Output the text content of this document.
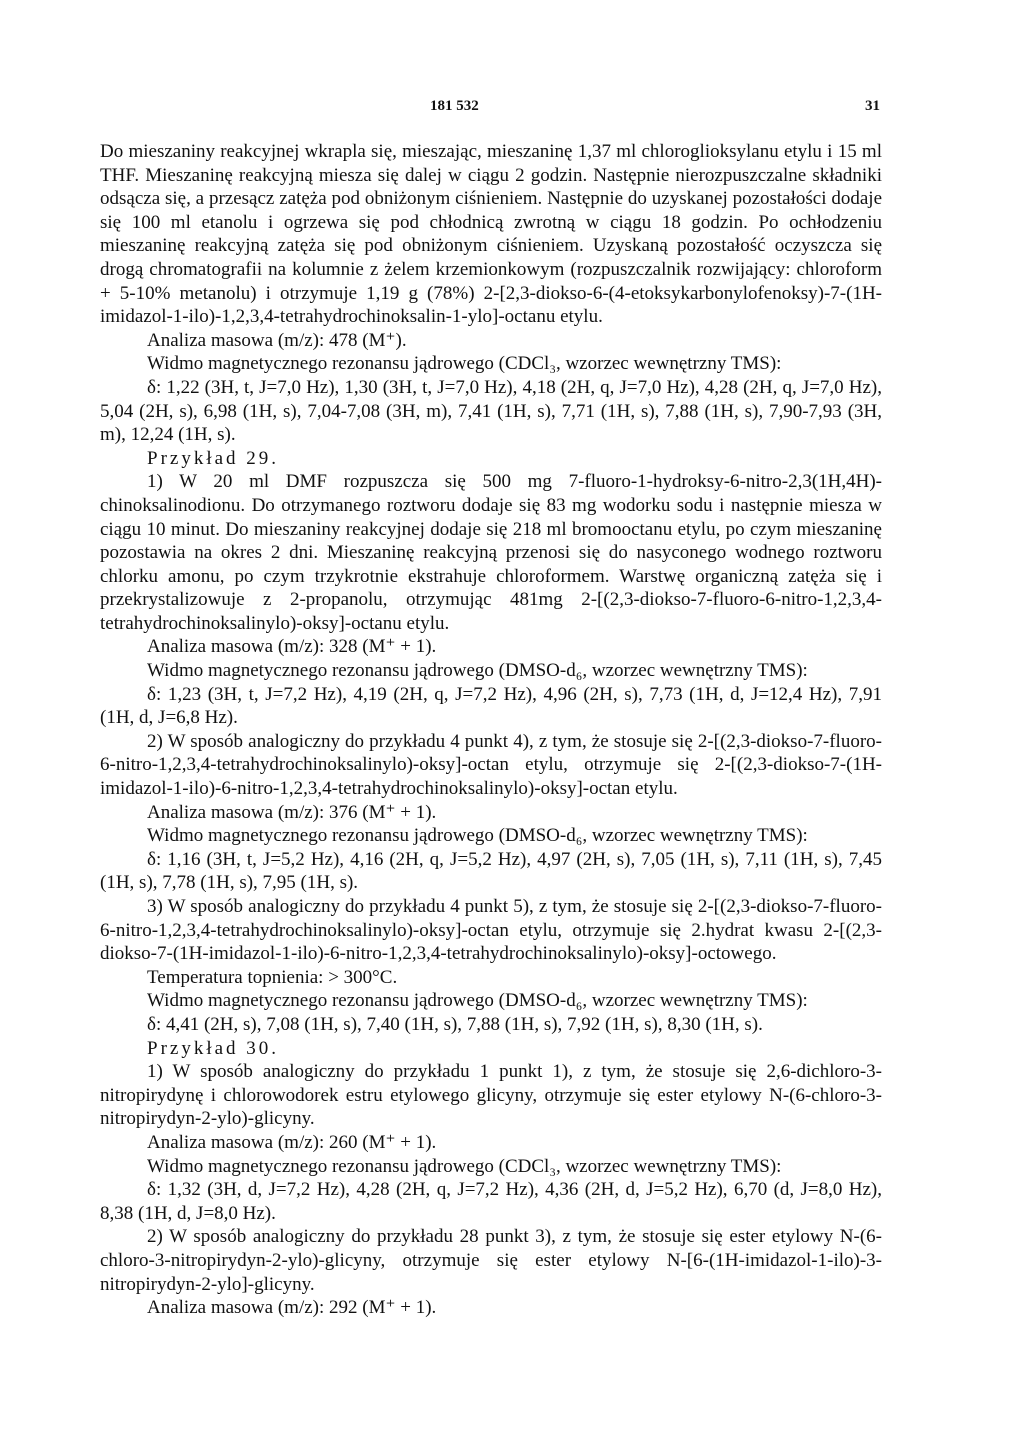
181 532	31

Do mieszaniny reakcyjnej wkrapla się, mieszając, mieszaninę 1,37 ml chloroglioksylanu etylu i 15 ml THF. Mieszaninę reakcyjną miesza się dalej w ciągu 2 godzin. Następnie nierozpuszczalne składniki odsącza się, a przesącz zatęża pod obniżonym ciśnieniem. Następnie do uzyskanej pozostałości dodaje się 100 ml etanolu i ogrzewa się pod chłodnicą zwrotną w ciągu 18 godzin. Po ochłodzeniu mieszaninę reakcyjną zatęża się pod obniżonym ciśnieniem. Uzyskaną pozostałość oczyszcza się drogą chromatografii na kolumnie z żelem krzemionkowym (rozpuszczalnik rozwijający: chloroform + 5-10% metanolu) i otrzymuje 1,19 g (78%) 2-[2,3-diokso-6-(4-etoksykarbonylofenoksy)-7-(1H-imidazol-1-ilo)-1,2,3,4-tetrahydrochinoksalin-1-ylo]-octanu etylu.

Analiza masowa (m/z): 478 (M⁺).

Widmo magnetycznego rezonansu jądrowego (CDCl₃, wzorzec wewnętrzny TMS):

δ: 1,22 (3H, t, J=7,0 Hz), 1,30 (3H, t, J=7,0 Hz), 4,18 (2H, q, J=7,0 Hz), 4,28 (2H, q, J=7,0 Hz), 5,04 (2H, s), 6,98 (1H, s), 7,04-7,08 (3H, m), 7,41 (1H, s), 7,71 (1H, s), 7,88 (1H, s), 7,90-7,93 (3H, m), 12,24 (1H, s).

Przykład 29.

1) W 20 ml DMF rozpuszcza się 500 mg 7-fluoro-1-hydroksy-6-nitro-2,3(1H,4H)-chinoksalinodionu. Do otrzymanego roztworu dodaje się 83 mg wodorku sodu i następnie miesza w ciągu 10 minut. Do mieszaniny reakcyjnej dodaje się 218 ml bromooctanu etylu, po czym mieszaninę pozostawia na okres 2 dni. Mieszaninę reakcyjną przenosi się do nasyconego wodnego roztworu chlorku amonu, po czym trzykrotnie ekstrahuje chloroformem. Warstwę organiczną zatęża się i przekrystalizowuje z 2-propanolu, otrzymując 481mg 2-[(2,3-diokso-7-fluoro-6-nitro-1,2,3,4-tetrahydrochinoksalinylo)-oksy]-octanu etylu.

Analiza masowa (m/z): 328 (M⁺ + 1).

Widmo magnetycznego rezonansu jądrowego (DMSO-d₆, wzorzec wewnętrzny TMS):

δ: 1,23 (3H, t, J=7,2 Hz), 4,19 (2H, q, J=7,2 Hz), 4,96 (2H, s), 7,73 (1H, d, J=12,4 Hz), 7,91 (1H, d, J=6,8 Hz).

2) W sposób analogiczny do przykładu 4 punkt 4), z tym, że stosuje się 2-[(2,3-diokso-7-fluoro-6-nitro-1,2,3,4-tetrahydrochinoksalinylo)-oksy]-octan etylu, otrzymuje się 2-[(2,3-diokso-7-(1H-imidazol-1-ilo)-6-nitro-1,2,3,4-tetrahydrochinoksalinylo)-oksy]-octan etylu.

Analiza masowa (m/z): 376 (M⁺ + 1).

Widmo magnetycznego rezonansu jądrowego (DMSO-d₆, wzorzec wewnętrzny TMS):

δ: 1,16 (3H, t, J=5,2 Hz), 4,16 (2H, q, J=5,2 Hz), 4,97 (2H, s), 7,05 (1H, s), 7,11 (1H, s), 7,45 (1H, s), 7,78 (1H, s), 7,95 (1H, s).

3) W sposób analogiczny do przykładu 4 punkt 5), z tym, że stosuje się 2-[(2,3-diokso-7-fluoro-6-nitro-1,2,3,4-tetrahydrochinoksalinylo)-oksy]-octan etylu, otrzymuje się 2.hydrat kwasu 2-[(2,3-diokso-7-(1H-imidazol-1-ilo)-6-nitro-1,2,3,4-tetrahydrochinoksalinylo)-oksy]-octowego.

Temperatura topnienia: > 300°C.

Widmo magnetycznego rezonansu jądrowego (DMSO-d₆, wzorzec wewnętrzny TMS):

δ: 4,41 (2H, s), 7,08 (1H, s), 7,40 (1H, s), 7,88 (1H, s), 7,92 (1H, s), 8,30 (1H, s).

Przykład 30.

1) W sposób analogiczny do przykładu 1 punkt 1), z tym, że stosuje się 2,6-dichloro-3-nitropirydynę i chlorowodorek estru etylowego glicyny, otrzymuje się ester etylowy N-(6-chloro-3-nitropirydyn-2-ylo)-glicyny.

Analiza masowa (m/z): 260 (M⁺ + 1).

Widmo magnetycznego rezonansu jądrowego (CDCl₃, wzorzec wewnętrzny TMS):

δ: 1,32 (3H, d, J=7,2 Hz), 4,28 (2H, q, J=7,2 Hz), 4,36 (2H, d, J=5,2 Hz), 6,70 (d, J=8,0 Hz), 8,38 (1H, d, J=8,0 Hz).

2) W sposób analogiczny do przykładu 28 punkt 3), z tym, że stosuje się ester etylowy N-(6-chloro-3-nitropirydyn-2-ylo)-glicyny, otrzymuje się ester etylowy N-[6-(1H-imidazol-1-ilo)-3-nitropirydyn-2-ylo]-glicyny.

Analiza masowa (m/z): 292 (M⁺ + 1).
